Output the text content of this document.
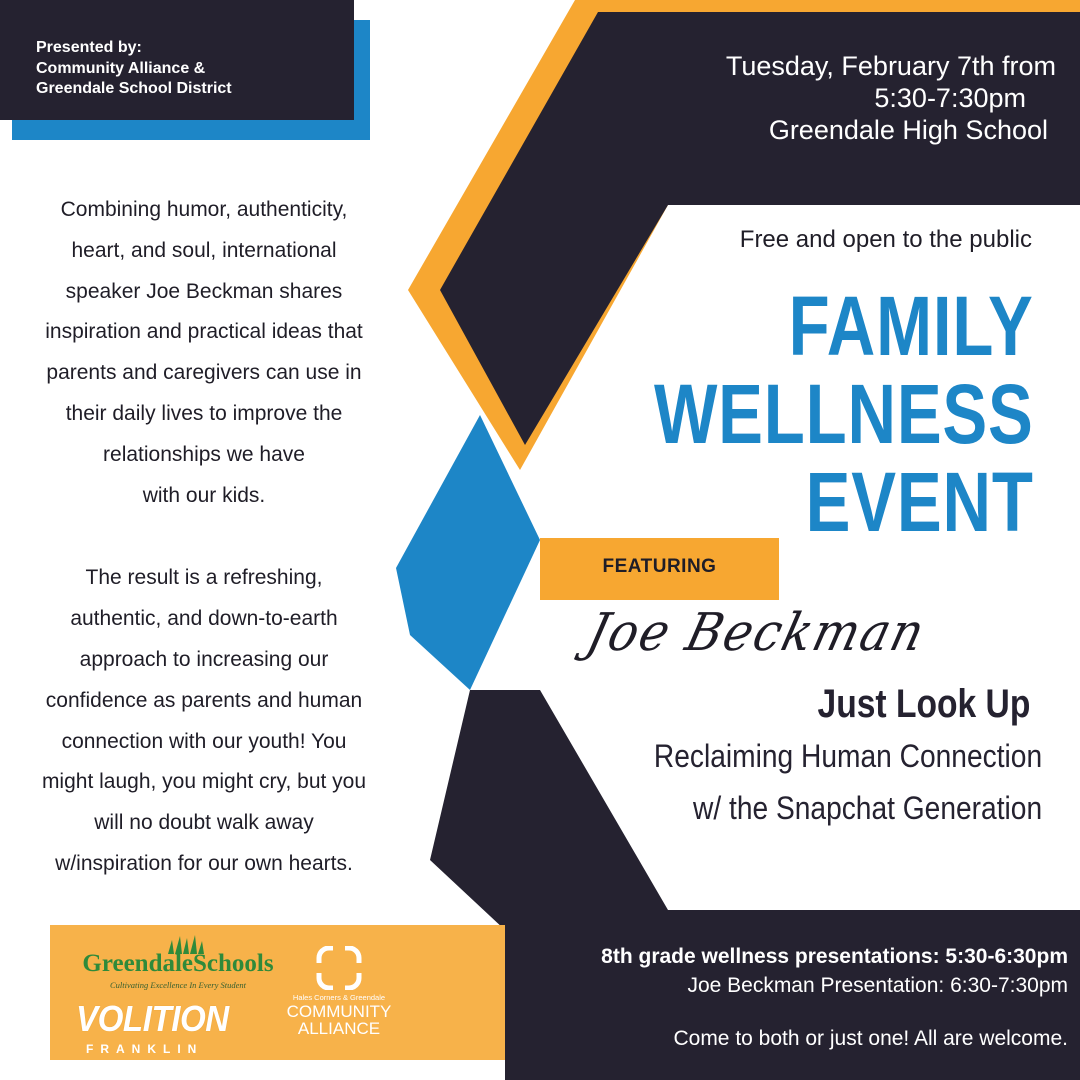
Presented by:
Community Alliance &
Greendale School District
Tuesday, February 7th from
5:30-7:30pm
Greendale High School

Combining humor, authenticity,
heart, and soul, international
speaker Joe Beckman shares
inspiration and practical ideas that
parents and caregivers can use in
their daily lives to improve the
relationships we have
with our kids.

The result is a refreshing,
authentic, and down-to-earth
approach to increasing our
confidence as parents and human
connection with our youth! You
might laugh, you might cry, but you
will no doubt walk away
w/inspiration for our own hearts.

Free and open to the public
FAMILY
WELLNESS
EVENT
FEATURING
Joe Beckman
Just Look Up
Reclaiming Human Connection
w/ the Snapchat Generation
8th grade wellness presentations: 5:30-6:30pm
Joe Beckman Presentation: 6:30-7:30pm
Come to both or just one! All are welcome.
GreendaleSchools
Cultivating Excellence In Every Student
VOLITION
FRANKLIN
Hales Corners & Greendale
COMMUNITY
ALLIANCE
